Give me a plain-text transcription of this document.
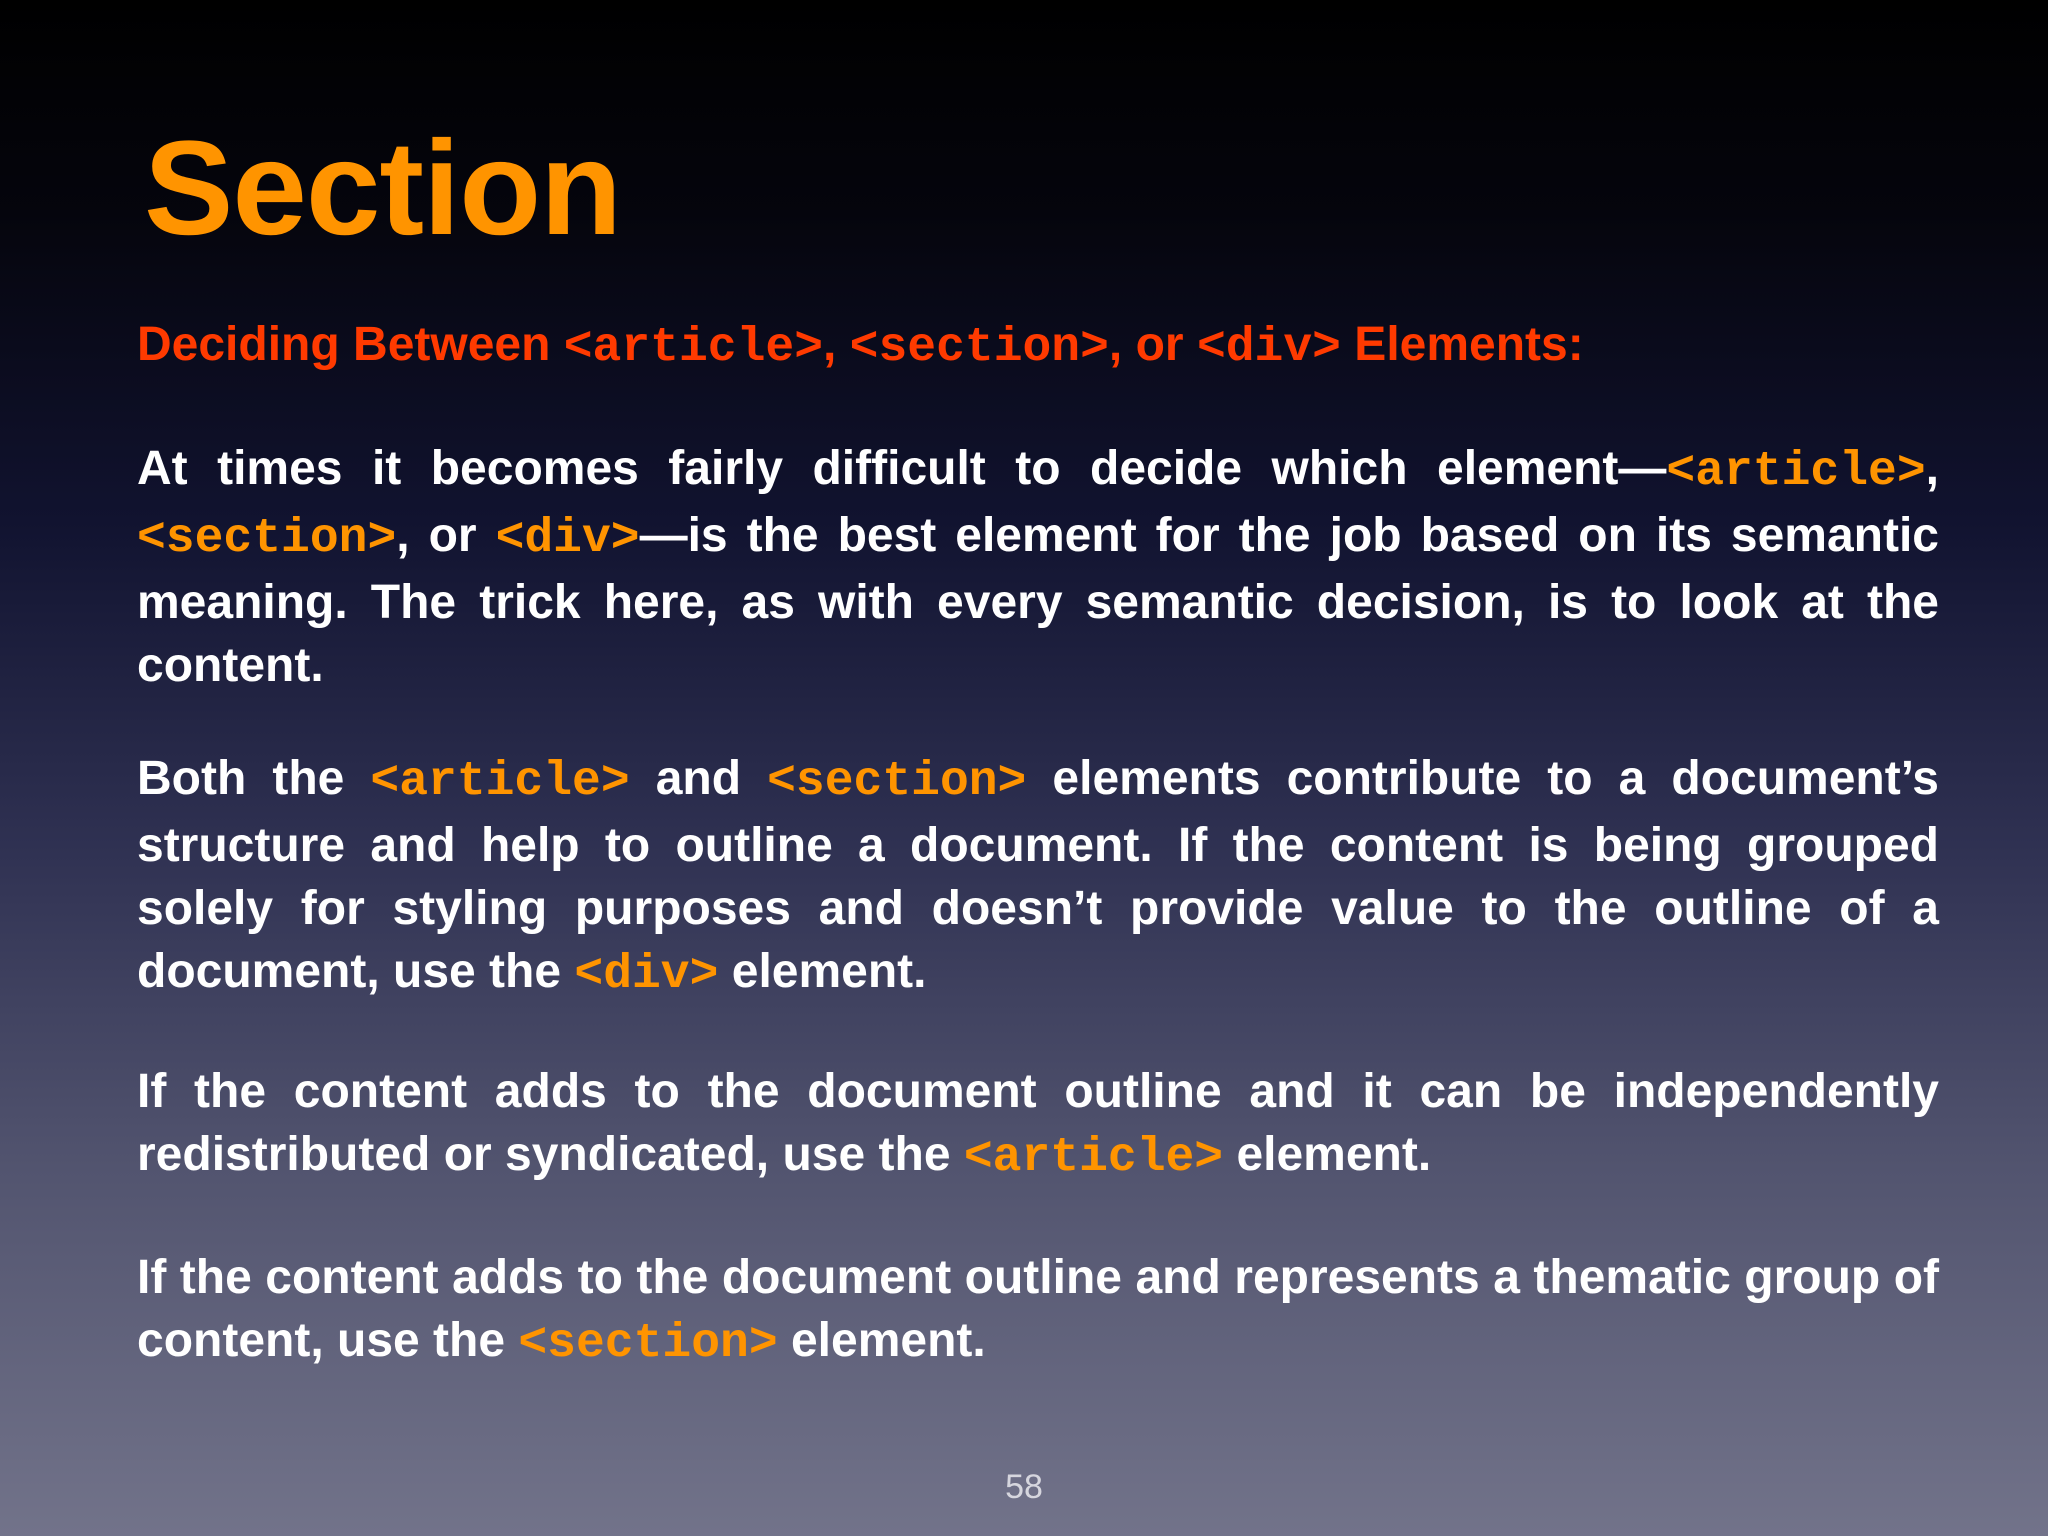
Section

Deciding Between <article>, <section>, or <div> Elements:

At times it becomes fairly difficult to decide which element—<article>, <section>, or <div>—is the best element for the job based on its semantic meaning. The trick here, as with every semantic decision, is to look at the content.

Both the <article> and <section> elements contribute to a document’s structure and help to outline a document. If the content is being grouped solely for styling purposes and doesn’t provide value to the outline of a document, use the <div> element.

If the content adds to the document outline and it can be independently redistributed or syndicated, use the <article> element.

If the content adds to the document outline and represents a thematic group of content, use the <section> element.

58
